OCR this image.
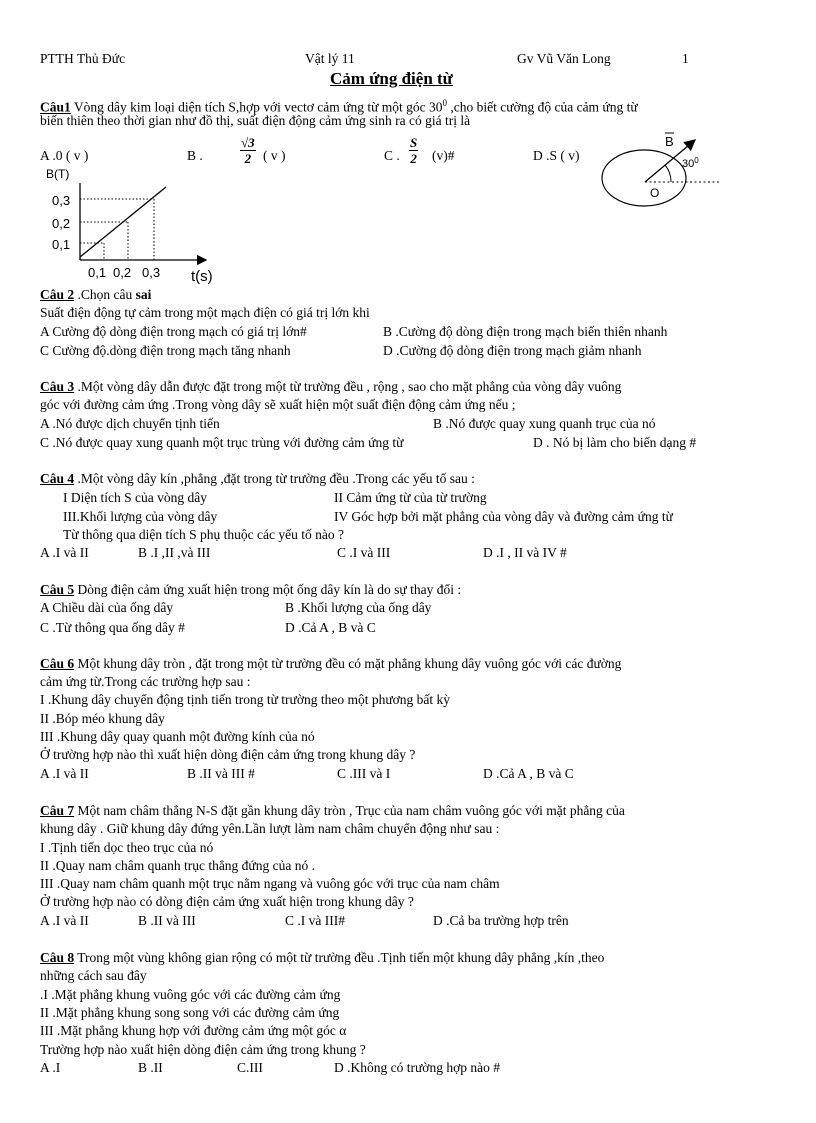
PTTH Thủ Đức	Vật lý 11	Gv Vũ Văn Long	1
Cảm ứng điện từ
Câu1 Vòng dây kim loại diện tích S,hợp với vectơ cảm ứng từ một góc $30^0$ ,cho biết cường độ của cảm ứng từ
biến thiên theo thời gian như đồ thị, suất điện động cảm ứng sinh ra có giá trị là
A .0 ( v )	B .	$\frac{√3}{2}$ ( v )	C . $\frac{S}{2}$ (v)#	D .S ( v)
B(T)
0,1
0,2
0,3
0,1 0,2 0,3 t(s)
B
$30^0$
O
Câu 2 .Chọn câu sai
Suất điện động tự cảm trong một mạch điện có giá trị lớn khi
A Cường độ dòng điện trong mạch có giá trị lớn#	B .Cường độ dòng điện trong mạch biến thiên nhanh
C Cường độ.dòng điện trong mạch tăng nhanh	D .Cường độ dòng điện trong mạch giảm nhanh
Câu 3 .Một vòng dây dẫn được đặt trong một từ trường đều , rộng , sao cho mặt phẳng của vòng dây vuông
góc với đường cảm ứng .Trong vòng dây sẽ xuất hiện một suất điện động cảm ứng nếu ;
A .Nó được dịch chuyển tịnh tiến	B .Nó được quay xung quanh trục của nó
C .Nó được quay xung quanh một trục trùng với đường cảm ứng từ	D . Nó bị làm cho biến dạng #
Câu 4 .Một vòng dây kín ,phẳng ,đặt trong từ trường đều .Trong các yếu tố sau :
I Diện tích S của vòng dây	II Cảm ứng từ của từ trường
III.Khối lượng của vòng dây	IV Góc hợp bởi mặt phẳng của vòng dây và đường cảm ứng từ
Từ thông qua diện tích S phụ thuộc các yếu tố nào ?
A .I và II	B .I ,II ,và III	C .I và III	D .I , II và IV #
Câu 5 Dòng điện cảm ứng xuất hiện trong một ống dây kín là do sự thay đổi :
A Chiều dài của ống dây	B .Khối lượng của ống dây
C .Từ thông qua ống dây #	D .Cả A , B và C
Câu 6 Một khung dây tròn , đặt trong một từ trường đều có mặt phẳng khung dây vuông góc với các đường
cảm ứng từ.Trong các trường hợp sau :
I .Khung dây chuyển động tịnh tiến trong từ trường theo một phương bất kỳ
II .Bóp méo khung dây
III .Khung dây quay quanh một đường kính của nó
Ở trường hợp nào thì xuất hiện dòng điện cảm ứng trong khung dây ?
A .I và II	B .II và III #	C .III và I	D .Cả A , B và C
Câu 7 Một nam châm thẳng N-S đặt gần khung dây tròn , Trục của nam châm vuông góc với mặt phẳng của
khung dây . Giữ khung dây đứng yên.Lần lượt làm nam châm chuyển động như sau :
I .Tịnh tiến dọc theo trục của nó
II .Quay nam châm quanh trục thẳng đứng của nó .
III .Quay nam châm quanh một trục nằm ngang và vuông góc với trục của nam châm
Ở trường hợp nào có dòng điện cảm ứng xuất hiện trong khung dây ?
A .I và II	B .II và III	C .I và III#	D .Cả ba trường hợp trên
Câu 8 Trong một vùng không gian rộng có một từ trường đều .Tịnh tiến một khung dây phẳng ,kín ,theo
những cách sau đây
.I .Mặt phẳng khung vuông góc với các đường cảm ứng
II .Mặt phẳng khung song song với các đường cảm ứng
III .Mặt phẳng khung hợp với đường cảm ứng một góc α
Trường hợp nào xuất hiện dòng điện cảm ứng trong khung ?
A .I	B .II	C.III	D .Không có trường hợp nào #
